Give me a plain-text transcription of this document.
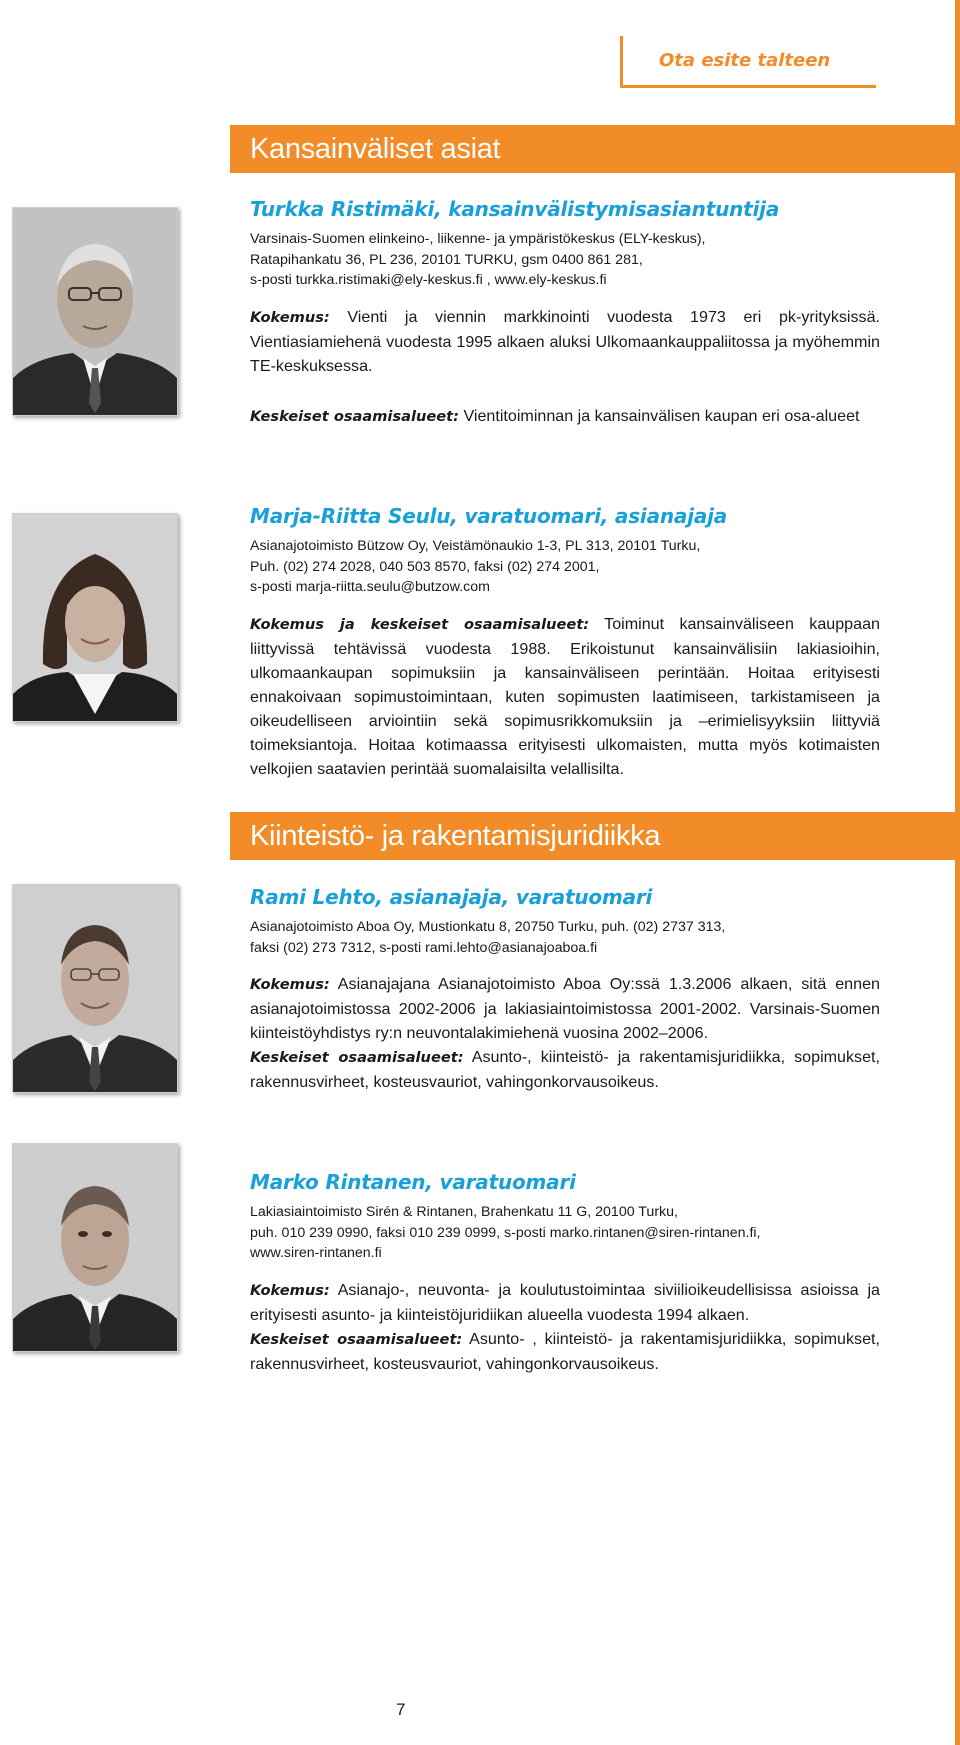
Ota esite talteen
Kansainväliset asiat
Turkka Ristimäki, kansainvälistymisasiantuntija
Varsinais-Suomen elinkeino-, liikenne- ja ympäristökeskus (ELY-keskus),
Ratapihankatu 36, PL 236, 20101 TURKU, gsm 0400 861 281,
s-posti turkka.ristimaki@ely-keskus.fi , www.ely-keskus.fi

Kokemus: Vienti ja viennin markkinointi vuodesta 1973 eri pk-yrityksissä. Vientiasiamiehenä vuodesta 1995 alkaen aluksi Ulkomaankauppaliitossa ja myöhemmin TE-keskuksessa.

Keskeiset osaamisalueet: Vientitoiminnan ja kansainvälisen kaupan eri osa-alueet

Marja-Riitta Seulu, varatuomari, asianajaja
Asianajotoimisto Bützow Oy, Veistämönaukio 1-3, PL 313, 20101 Turku,
Puh. (02) 274 2028, 040 503 8570, faksi (02) 274 2001,
s-posti marja-riitta.seulu@butzow.com

Kokemus ja keskeiset osaamisalueet: Toiminut kansainväliseen kauppaan liittyvissä tehtävissä vuodesta 1988. Erikoistunut kansainvälisiin lakiasioihin, ulkomaankaupan sopimuksiin ja kansainväliseen perintään. Hoitaa erityisesti ennakoivaan sopimustoimintaan, kuten sopimusten laatimiseen, tarkistamiseen ja oikeudelliseen arviointiin sekä sopimusrikkomuksiin ja –erimielisyyksiin liittyviä toimeksiantoja. Hoitaa kotimaassa erityisesti ulkomaisten, mutta myös kotimaisten velkojien saatavien perintää suomalaisilta velallisilta.

Kiinteistö- ja rakentamisjuridiikka
Rami Lehto, asianajaja, varatuomari
Asianajotoimisto Aboa Oy, Mustionkatu 8, 20750 Turku, puh. (02) 2737 313,
faksi (02) 273 7312, s-posti rami.lehto@asianajoaboa.fi

Kokemus: Asianajajana Asianajotoimisto Aboa Oy:ssä 1.3.2006 alkaen, sitä ennen asianajotoimistossa 2002-2006 ja lakiasiaintoimistossa 2001-2002. Varsinais-Suomen kiinteistöyhdistys ry:n neuvontalakimiehenä vuosina 2002–2006.

Keskeiset osaamisalueet: Asunto-, kiinteistö- ja rakentamisjuridiikka, sopimukset, rakennusvirheet, kosteusvauriot, vahingonkorvausoikeus.

Marko Rintanen, varatuomari
Lakiasiaintoimisto Sirén & Rintanen, Brahenkatu 11 G, 20100 Turku,
puh. 010 239 0990, faksi 010 239 0999, s-posti marko.rintanen@siren-rintanen.fi,
www.siren-rintanen.fi

Kokemus: Asianajo-, neuvonta- ja koulutustoimintaa siviilioikeudellisissa asioissa ja erityisesti asunto- ja kiinteistöjuridiikan alueella vuodesta 1994 alkaen.

Keskeiset osaamisalueet: Asunto- , kiinteistö- ja rakentamisjuridiikka, sopimukset, rakennusvirheet, kosteusvauriot, vahingonkorvausoikeus.

7
